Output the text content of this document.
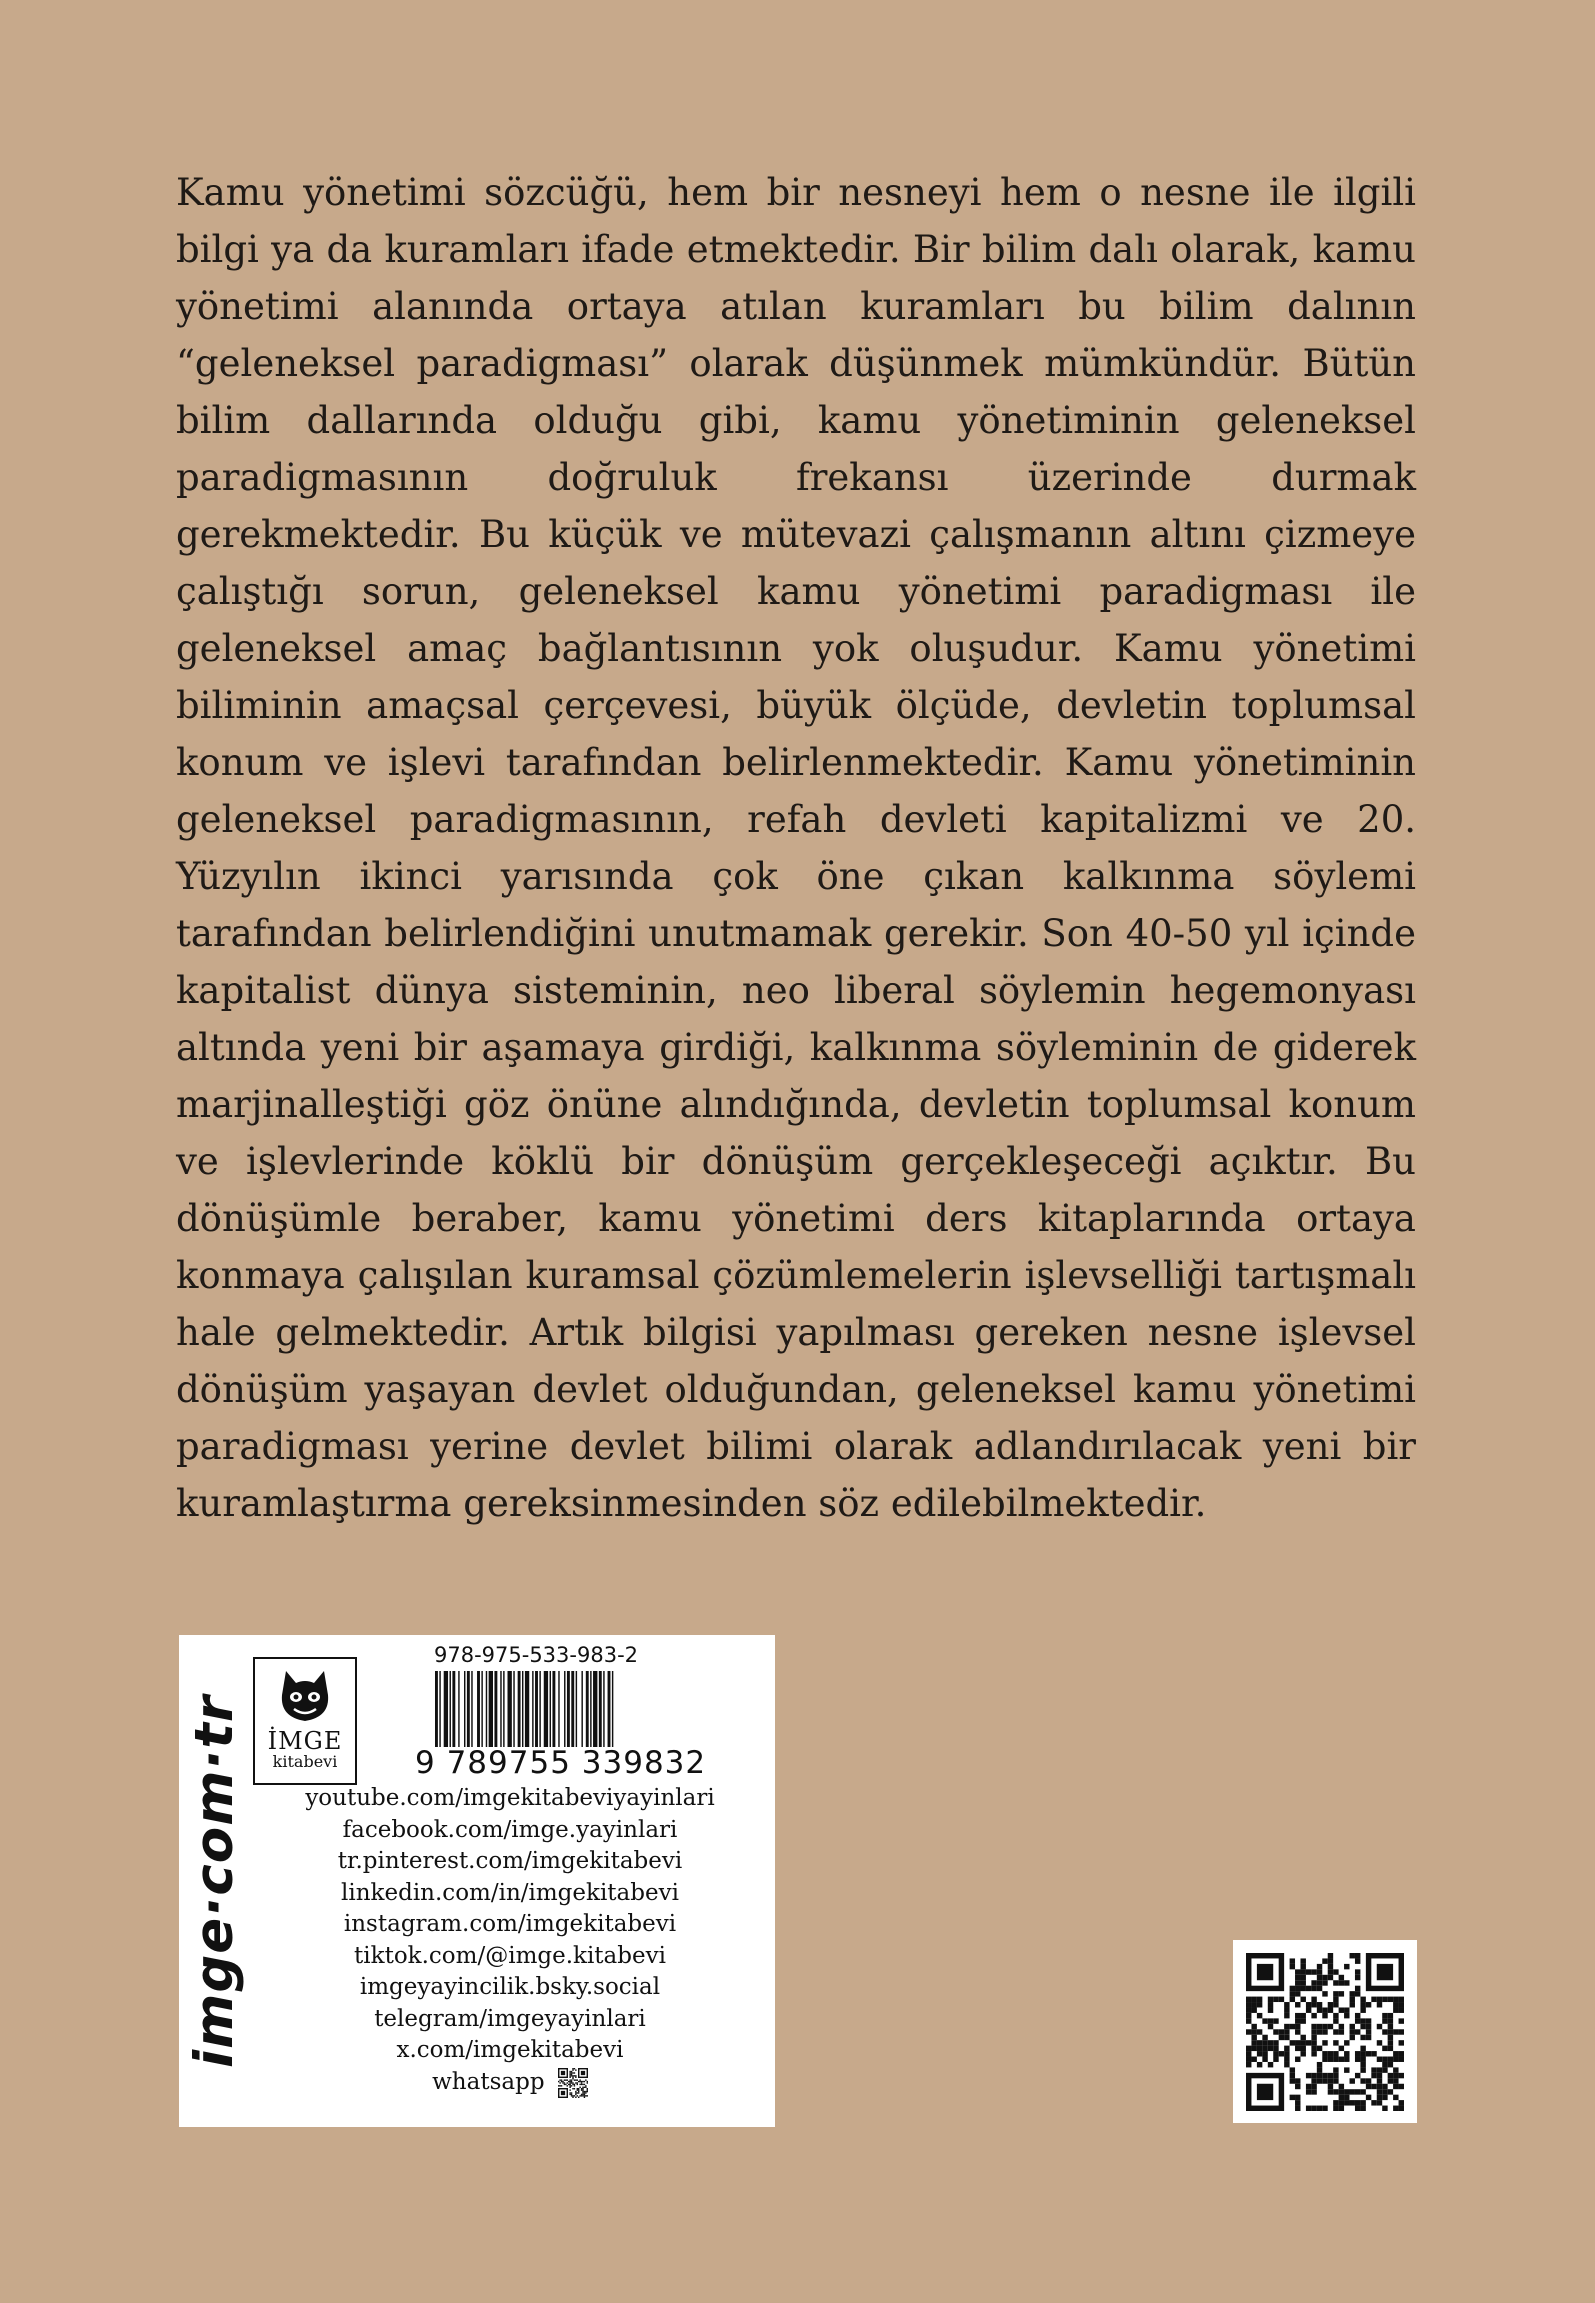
Kamu yönetimi sözcüğü, hem bir nesneyi hem o nesne ile ilgili bilgi ya da kuramları ifade etmektedir. Bir bilim dalı olarak, kamu yönetimi alanında ortaya atılan kuramları bu bilim dalının “geleneksel paradigması” olarak düşünmek mümkündür. Bütün bilim dallarında olduğu gibi, kamu yönetiminin geleneksel paradigmasının doğruluk frekansı üzerinde durmak gerekmektedir. Bu küçük ve mütevazi çalışmanın altını çizmeye çalıştığı sorun, geleneksel kamu yönetimi paradigması ile geleneksel amaç bağlantısının yok oluşudur. Kamu yönetimi biliminin amaçsal çerçevesi, büyük ölçüde, devletin toplumsal konum ve işlevi tarafından belirlenmektedir. Kamu yönetiminin geleneksel paradigmasının, refah devleti kapitalizmi ve 20. Yüzyılın ikinci yarısında çok öne çıkan kalkınma söylemi tarafından belirlendiğini unutmamak gerekir. Son 40-50 yıl içinde kapitalist dünya sisteminin, neo liberal söylemin hegemonyası altında yeni bir aşamaya girdiği, kalkınma söyleminin de giderek marjinalleştiği göz önüne alındığında, devletin toplumsal konum ve işlevlerinde köklü bir dönüşüm gerçekleşeceği açıktır. Bu dönüşümle beraber, kamu yönetimi ders kitaplarında ortaya konmaya çalışılan kuramsal çözümlemelerin işlevselliği tartışmalı hale gelmektedir. Artık bilgisi yapılması gereken nesne işlevsel dönüşüm yaşayan devlet olduğundan, geleneksel kamu yönetimi paradigması yerine devlet bilimi olarak adlandırılacak yeni bir kuramlaştırma gereksinmesinden söz edilebilmektedir.

imge·com·tr İMGE
kitabevi
978-975-533-983-2
9 789755 339832
youtube.com/imgekitabeviyayinlari
facebook.com/imge.yayinlari
tr.pinterest.com/imgekitabevi
linkedin.com/in/imgekitabevi
instagram.com/imgekitabevi
tiktok.com/@imge.kitabevi
imgeyayincilik.bsky.social
telegram/imgeyayinlari
x.com/imgekitabevi
whatsapp
